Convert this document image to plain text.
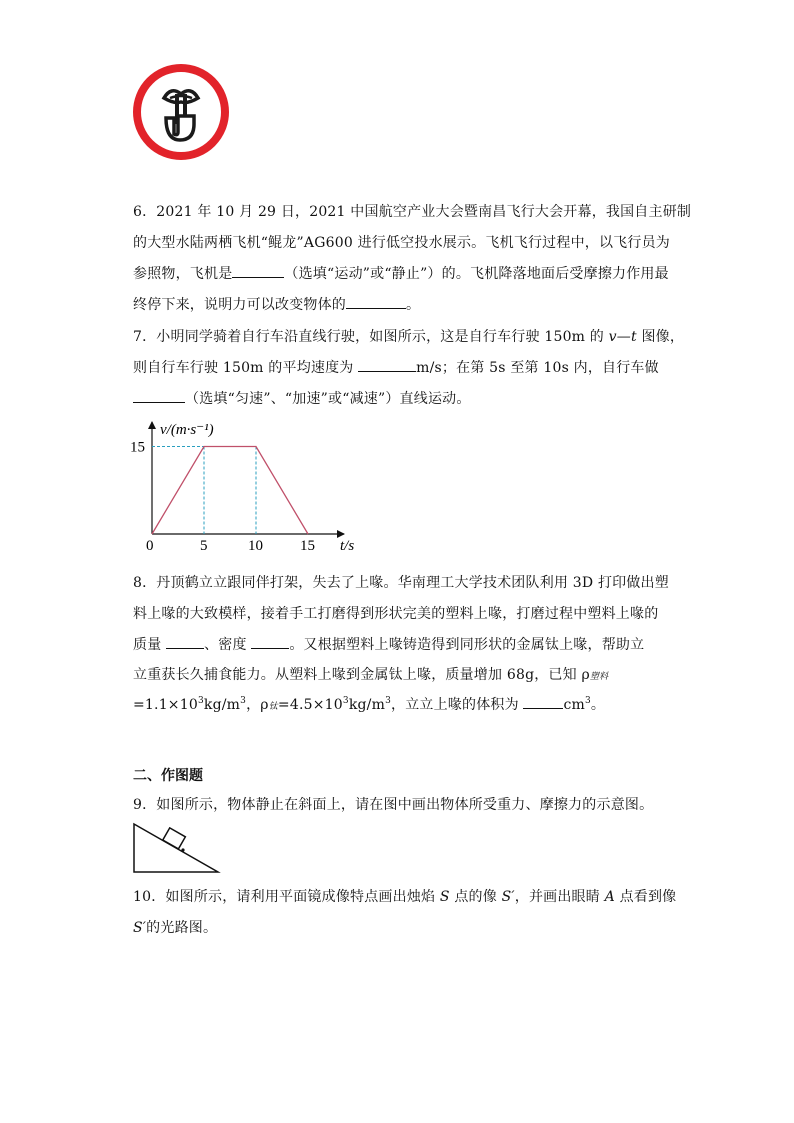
6．2021 年 10 月 29 日，2021 中国航空产业大会暨南昌飞行大会开幕，我国自主研制
的大型水陆两栖飞机“鲲龙”AG600 进行低空投水展示。飞机飞行过程中，以飞行员为
参照物，飞机是	（选填“运动”或“静止”）的。飞机降落地面后受摩擦力作用最
终停下来，说明力可以改变物体的	。
7．小明同学骑着自行车沿直线行驶，如图所示，这是自行车行驶 150m 的 v—t 图像，
则自行车行驶 150m 的平均速度为	m/s；在第 5s 至第 10s 内，自行车做
（选填“匀速”、“加速”或“减速”）直线运动。
0	5	10 15
15
v/(m·s⁻¹)
t/s
8．丹顶鹤立立跟同伴打架，失去了上喙。华南理工大学技术团队利用 3D 打印做出塑
料上喙的大致模样，接着手工打磨得到形状完美的塑料上喙，打磨过程中塑料上喙的
质量	、密度	。又根据塑料上喙铸造得到同形状的金属钛上喙，帮助立
立重获长久捕食能力。从塑料上喙到金属钛上喙，质量增加 68g，已知 ρ塑料
$=1.1\times 10^3kg/m^3$，ρ钛$=4.5\times 10^3kg/m^3$，立立上喙的体积为	$cm^3$。
二、作图题
9．如图所示，物体静止在斜面上，请在图中画出物体所受重力、摩擦力的示意图。
10．如图所示，请利用平面镜成像特点画出烛焰 S 点的像 S′，并画出眼睛 A 点看到像
S′的光路图。
